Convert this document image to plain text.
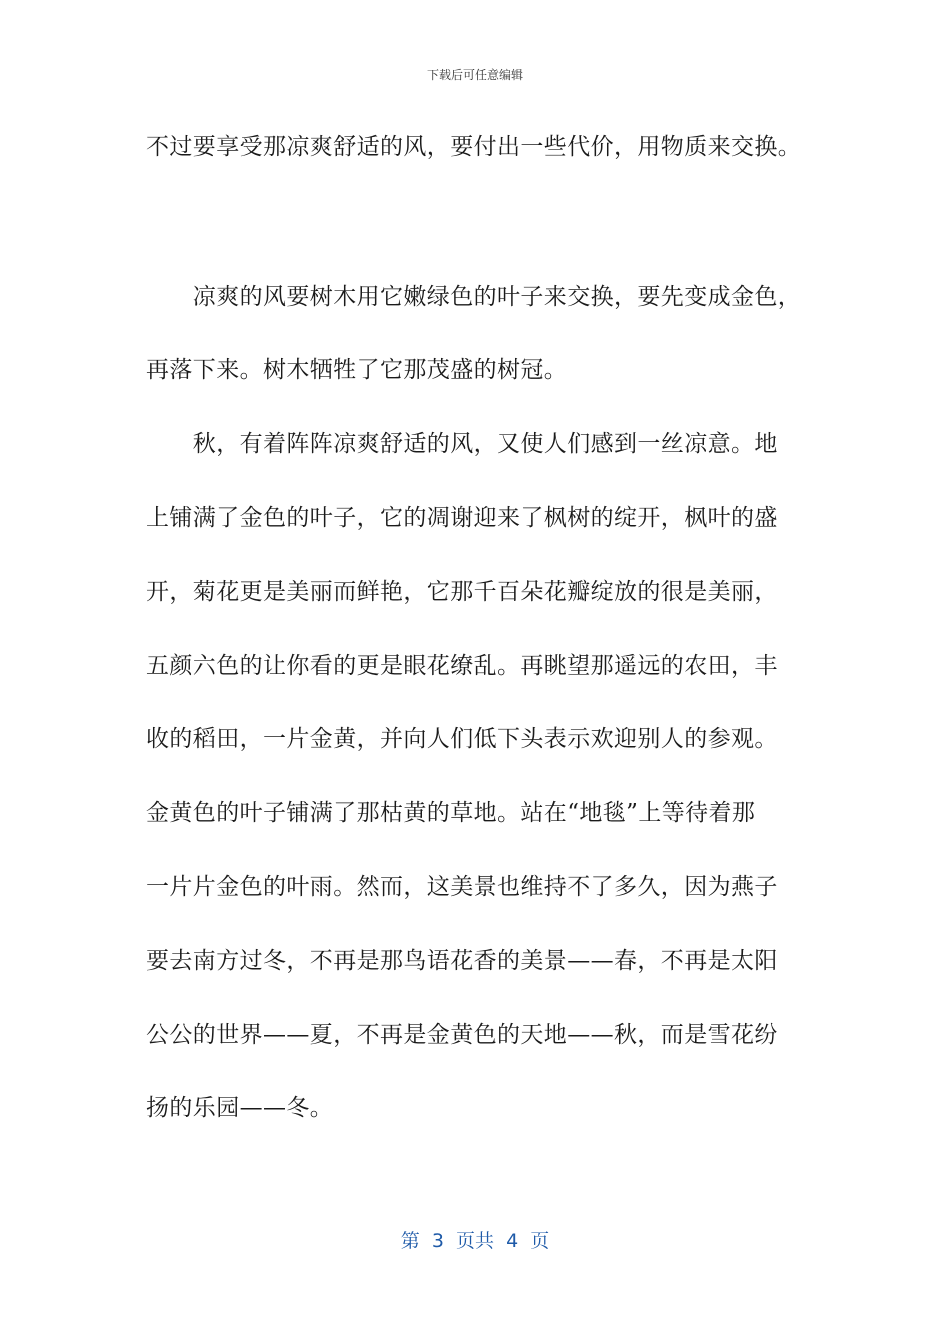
下载后可任意编辑
不过要享受那凉爽舒适的风，要付出一些代价，用物质来交换。
　　凉爽的风要树木用它嫩绿色的叶子来交换，要先变成金色，
再落下来。树木牺牲了它那茂盛的树冠。
　　秋，有着阵阵凉爽舒适的风，又使人们感到一丝凉意。地
上铺满了金色的叶子，它的凋谢迎来了枫树的绽开，枫叶的盛
开，菊花更是美丽而鲜艳，它那千百朵花瓣绽放的很是美丽，
五颜六色的让你看的更是眼花缭乱。再眺望那遥远的农田，丰
收的稻田，一片金黄，并向人们低下头表示欢迎别人的参观。
金黄色的叶子铺满了那枯黄的草地。站在“地毯”上等待着那
一片片金色的叶雨。然而，这美景也维持不了多久，因为燕子
要去南方过冬，不再是那鸟语花香的美景——春，不再是太阳
公公的世界——夏，不再是金黄色的天地——秋，而是雪花纷
扬的乐园——冬。
第  3  页共  4  页
